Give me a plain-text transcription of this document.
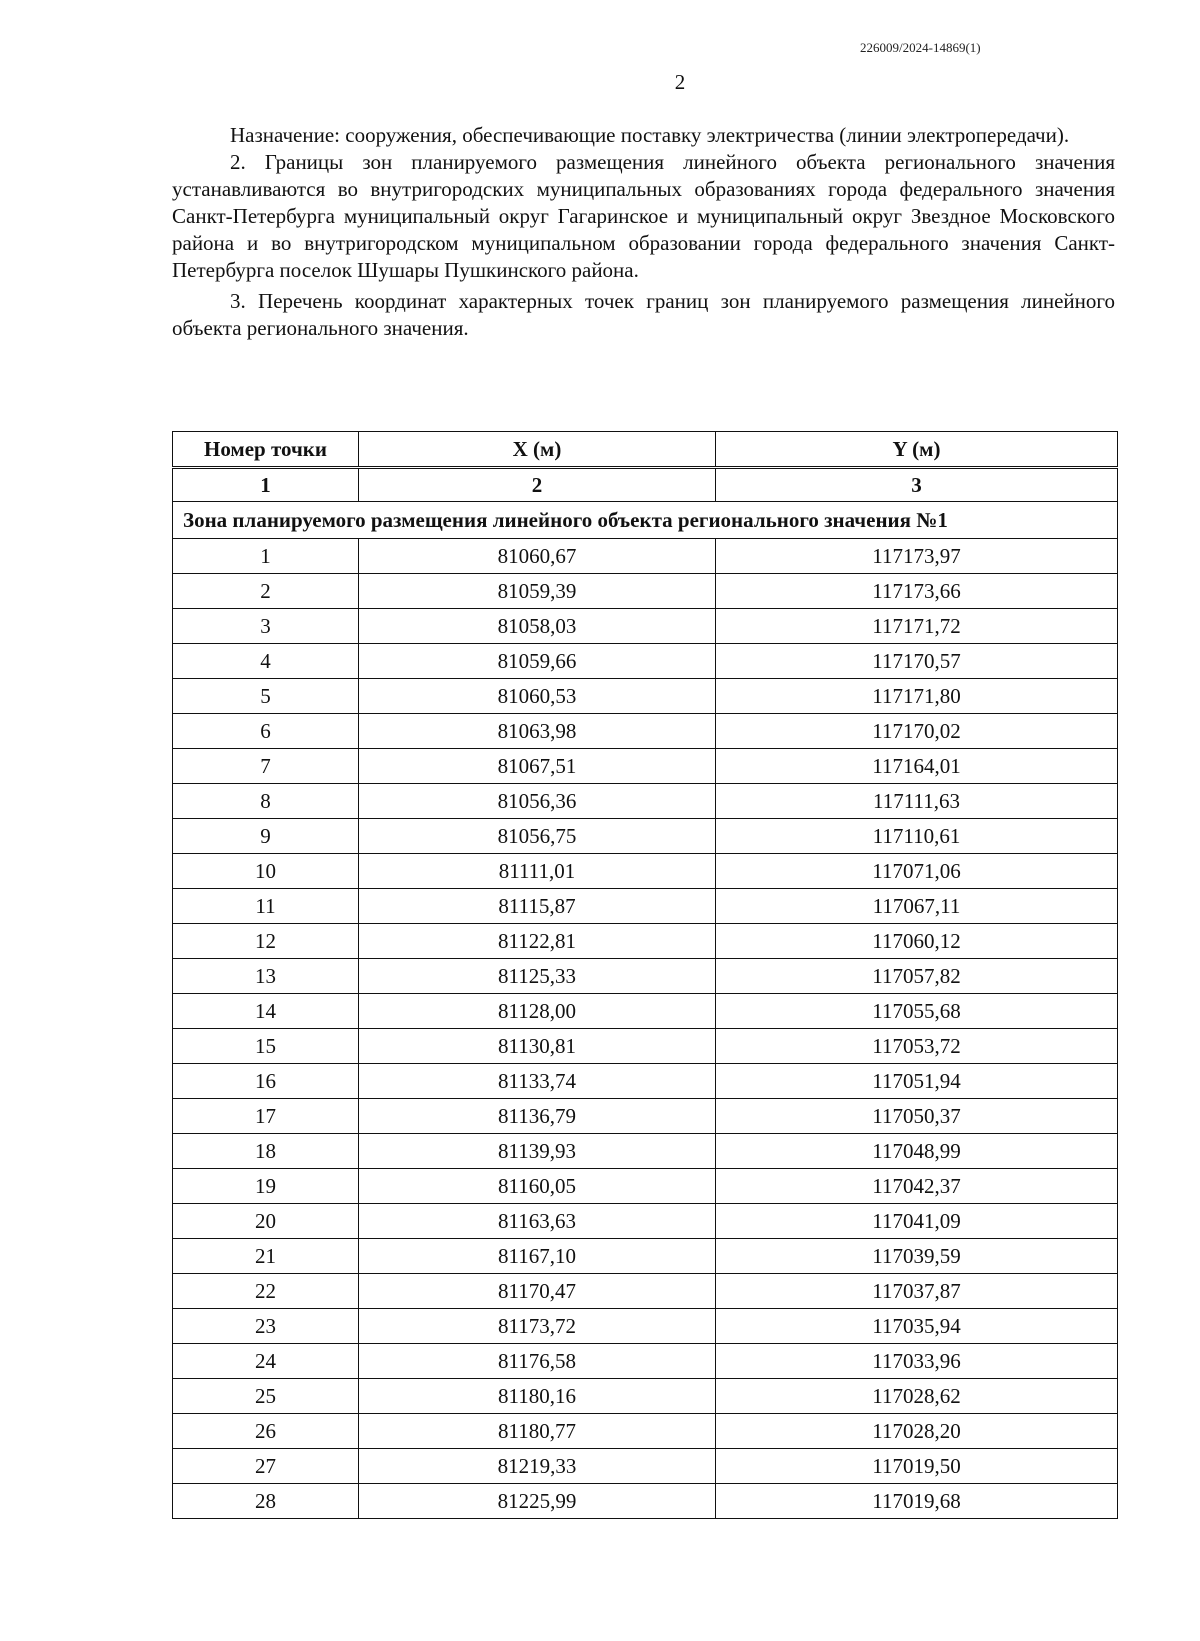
226009/2024-14869(1)
2

Назначение: сооружения, обеспечивающие поставку электричества (линии электропередачи).

2. Границы зон планируемого размещения линейного объекта регионального значения устанавливаются во внутригородских муниципальных образованиях города федерального значения Санкт-Петербурга муниципальный округ Гагаринское и муниципальный округ Звездное Московского района и во внутригородском муниципальном образовании города федерального значения Санкт-Петербурга поселок Шушары Пушкинского района.

3. Перечень координат характерных точек границ зон планируемого размещения линейного объекта регионального значения.

Номер точки	X (м)	Y (м)
1	2	3
Зона планируемого размещения линейного объекта регионального значения №1		
1	81060,67	117173,97
2	81059,39	117173,66
3	81058,03	117171,72
4	81059,66	117170,57
5	81060,53	117171,80
6	81063,98	117170,02
7	81067,51	117164,01
8	81056,36	117111,63
9	81056,75	117110,61
10	81111,01	117071,06
11	81115,87	117067,11
12	81122,81	117060,12
13	81125,33	117057,82
14	81128,00	117055,68
15	81130,81	117053,72
16	81133,74	117051,94
17	81136,79	117050,37
18	81139,93	117048,99
19	81160,05	117042,37
20	81163,63	117041,09
21	81167,10	117039,59
22	81170,47	117037,87
23	81173,72	117035,94
24	81176,58	117033,96
25	81180,16	117028,62
26	81180,77	117028,20
27	81219,33	117019,50
28	81225,99	117019,68
